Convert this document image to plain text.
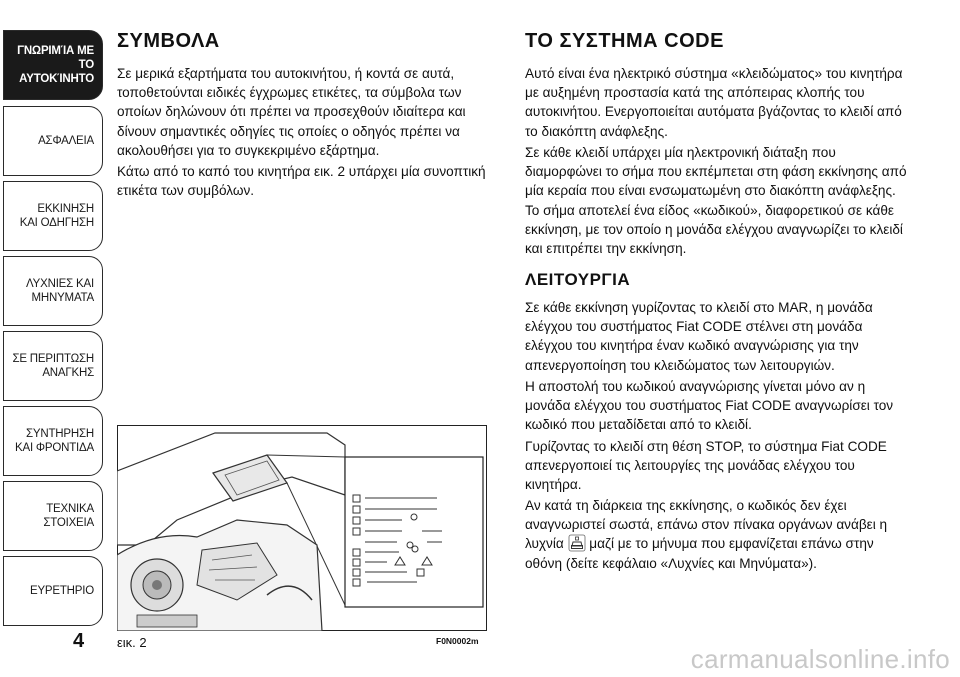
ΓΝΩΡΙΜΊΑ ΜΕ
ΤΟ ΑΥΤΟΚΊΝΗΤΟ
ΑΣΦΑΛΕΙΑ
ΕΚΚΙΝΗΣΗ
ΚΑΙ ΟΔΗΓΗΣΗ
ΛΥΧΝΙΕΣ ΚΑΙ
ΜΗΝΥΜΑΤΑ
ΣΕ ΠΕΡΙΠΤΩΣΗ
ΑΝΑΓΚΗΣ
ΣΥΝΤΗΡΗΣΗ
ΚΑΙ ΦΡΟΝΤΙΔΑ
ΤΕΧΝΙΚΑ
ΣΤΟΙΧΕΙΑ
ΕΥΡΕΤΗΡΙΟ
4
ΣΥΜΒΟΛΑ

Σε μερικά εξαρτήματα του αυτοκινήτου, ή κοντά σε αυτά, τοποθετούνται ειδικές έγχρωμες ετικέτες, τα σύμβολα των οποίων δηλώνουν ότι πρέπει να προσεχθούν ιδιαίτερα και δίνουν σημαντικές οδηγίες τις οποίες ο οδηγός πρέπει να ακολουθήσει για το συγκεκριμένο εξάρτημα.

Κάτω από το καπό του κινητήρα εικ. 2 υπάρχει μία συνοπτική ετικέτα των συμβόλων.

εικ. 2	F0N0002m
ΤΟ ΣΥΣΤΗΜΑ CODE

Αυτό είναι ένα ηλεκτρικό σύστημα «κλειδώματος» του κινητήρα με αυξημένη προστασία κατά της απόπειρας κλοπής του αυτοκινήτου. Ενεργοποιείται αυτόματα βγάζοντας το κλειδί από το διακόπτη ανάφλεξης.

Σε κάθε κλειδί υπάρχει μία ηλεκτρονική διάταξη που διαμορφώνει το σήμα που εκπέμπεται στη φάση εκκίνησης από μία κεραία που είναι ενσωματωμένη στο διακόπτη ανάφλεξης. Το σήμα αποτελεί ένα είδος «κωδικού», διαφορετικού σε κάθε εκκίνηση, με τον οποίο η μονάδα ελέγχου αναγνωρίζει το κλειδί και επιτρέπει την εκκίνηση.

ΛΕΙΤΟΥΡΓΙΑ

Σε κάθε εκκίνηση γυρίζοντας το κλειδί στο MAR, η μονάδα ελέγχου του συστήματος Fiat CODE στέλνει στη μονάδα ελέγχου του κινητήρα έναν κωδικό αναγνώρισης για την απενεργοποίηση του κλειδώματος των λειτουργιών.

Η αποστολή του κωδικού αναγνώρισης γίνεται μόνο αν η μονάδα ελέγχου του συστήματος Fiat CODE αναγνωρίσει τον κωδικό που μεταδίδεται από το κλειδί.

Γυρίζοντας το κλειδί στη θέση STOP, το σύστημα Fiat CODE απενεργοποιεί τις λειτουργίες της μονάδας ελέγχου του κινητήρα.

Αν κατά τη διάρκεια της εκκίνησης, ο κωδικός δεν έχει αναγνωριστεί σωστά, επάνω στον πίνακα οργάνων ανάβει η λυχνία μαζί με το μήνυμα που εμφανίζεται επάνω στην οθόνη (δείτε κεφάλαιο «Λυχνίες και Μηνύματα»).

carmanualsonline.info
